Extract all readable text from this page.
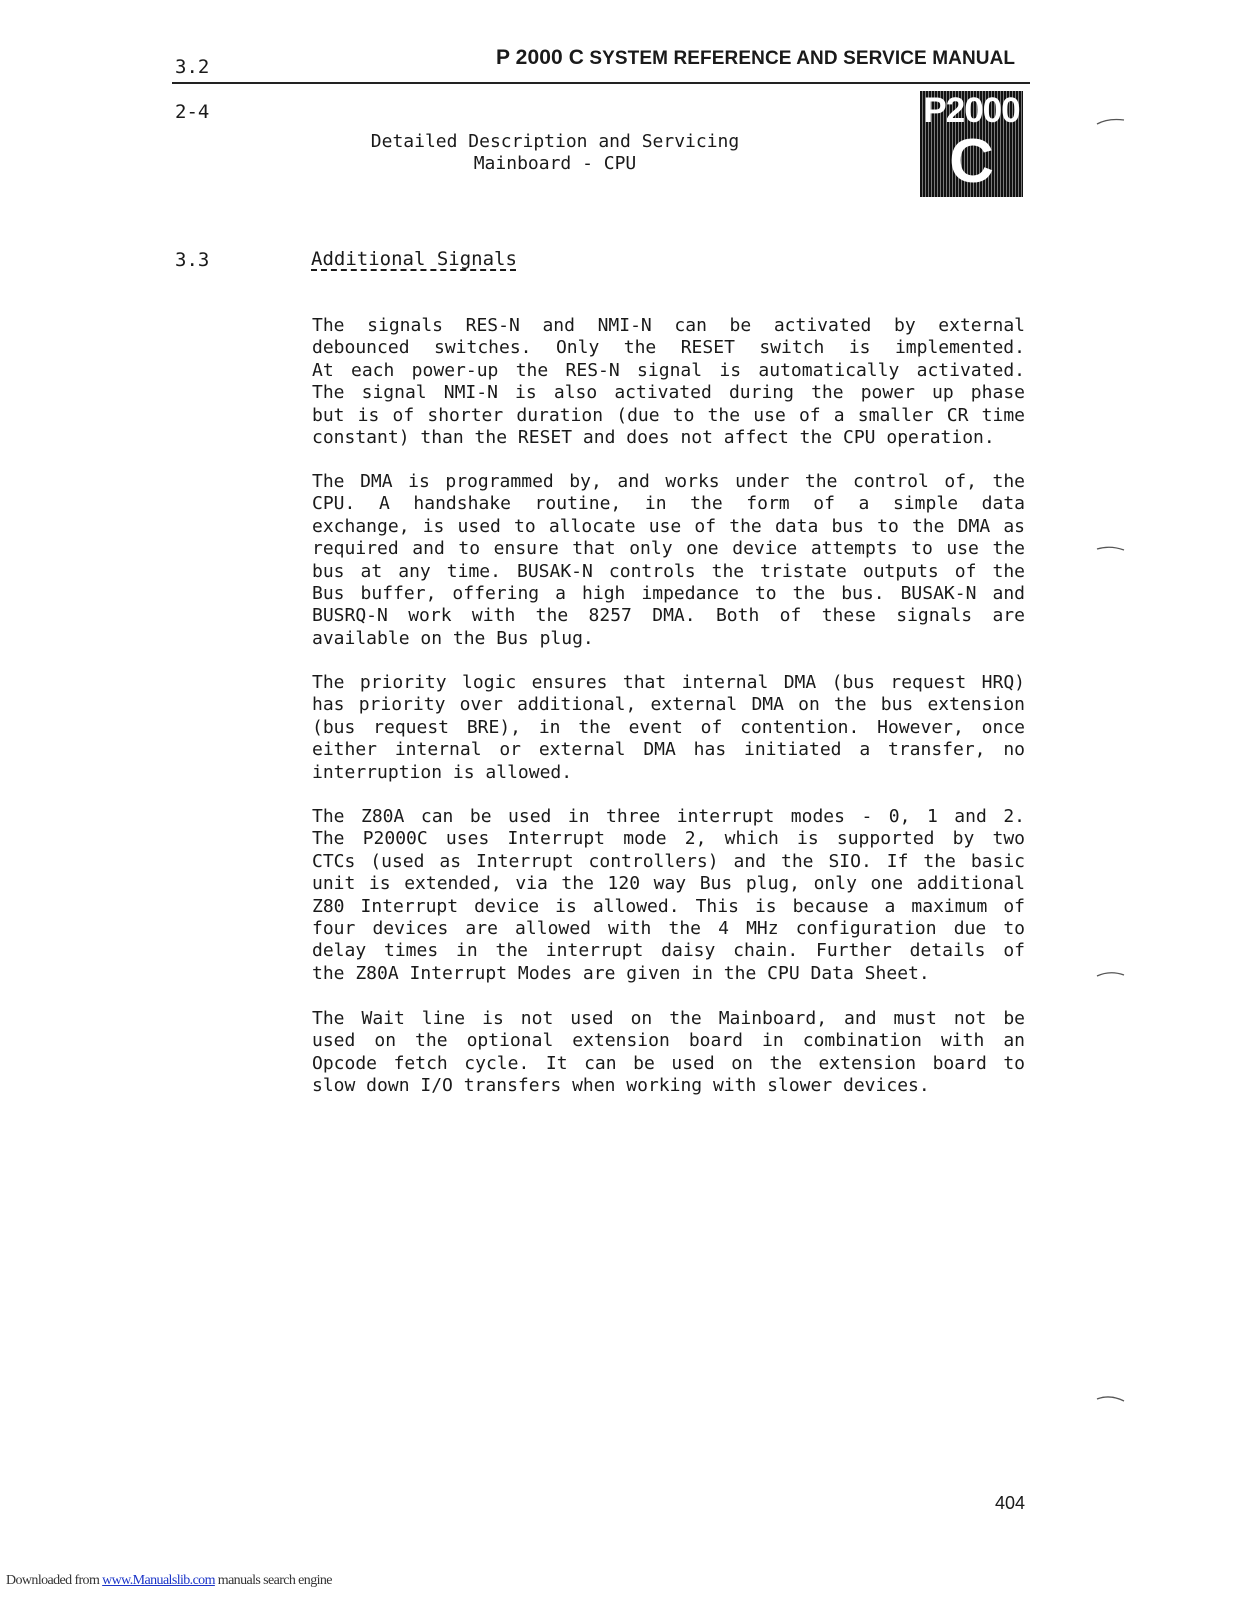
3.2	P 2000 C SYSTEM REFERENCE AND SERVICE MANUAL
2-4	P2000
C
Detailed Description and Servicing
Mainboard - CPU
3.3	Additional Signals
The signals RES-N and NMI-N can be activated by external
debounced switches. Only the RESET switch is implemented.
At each power-up the RES-N signal is automatically activated.
The signal NMI-N is also activated during the power up phase
but is of shorter duration (due to the use of a smaller CR time
constant) than the RESET and does not affect the CPU operation.
The DMA is programmed by, and works under the control of, the
CPU. A handshake routine, in the form of a simple data
exchange, is used to allocate use of the data bus to the DMA as
required and to ensure that only one device attempts to use the
bus at any time. BUSAK-N controls the tristate outputs of the
Bus buffer, offering a high impedance to the bus. BUSAK-N and
BUSRQ-N work with the 8257 DMA. Both of these signals are
available on the Bus plug.
The priority logic ensures that internal DMA (bus request HRQ)
has priority over additional, external DMA on the bus extension
(bus request BRE), in the event of contention. However, once
either internal or external DMA has initiated a transfer, no
interruption is allowed.
The Z80A can be used in three interrupt modes - 0, 1 and 2.
The P2000C uses Interrupt mode 2, which is supported by two
CTCs (used as Interrupt controllers) and the SIO. If the basic
unit is extended, via the 120 way Bus plug, only one additional
Z80 Interrupt device is allowed. This is because a maximum of
four devices are allowed with the 4 MHz configuration due to
delay times in the interrupt daisy chain. Further details of
the Z80A Interrupt Modes are given in the CPU Data Sheet.
The Wait line is not used on the Mainboard, and must not be
used on the optional extension board in combination with an
Opcode fetch cycle. It can be used on the extension board to
slow down I/O transfers when working with slower devices.
404
Downloaded from www.Manualslib.com manuals search engine
